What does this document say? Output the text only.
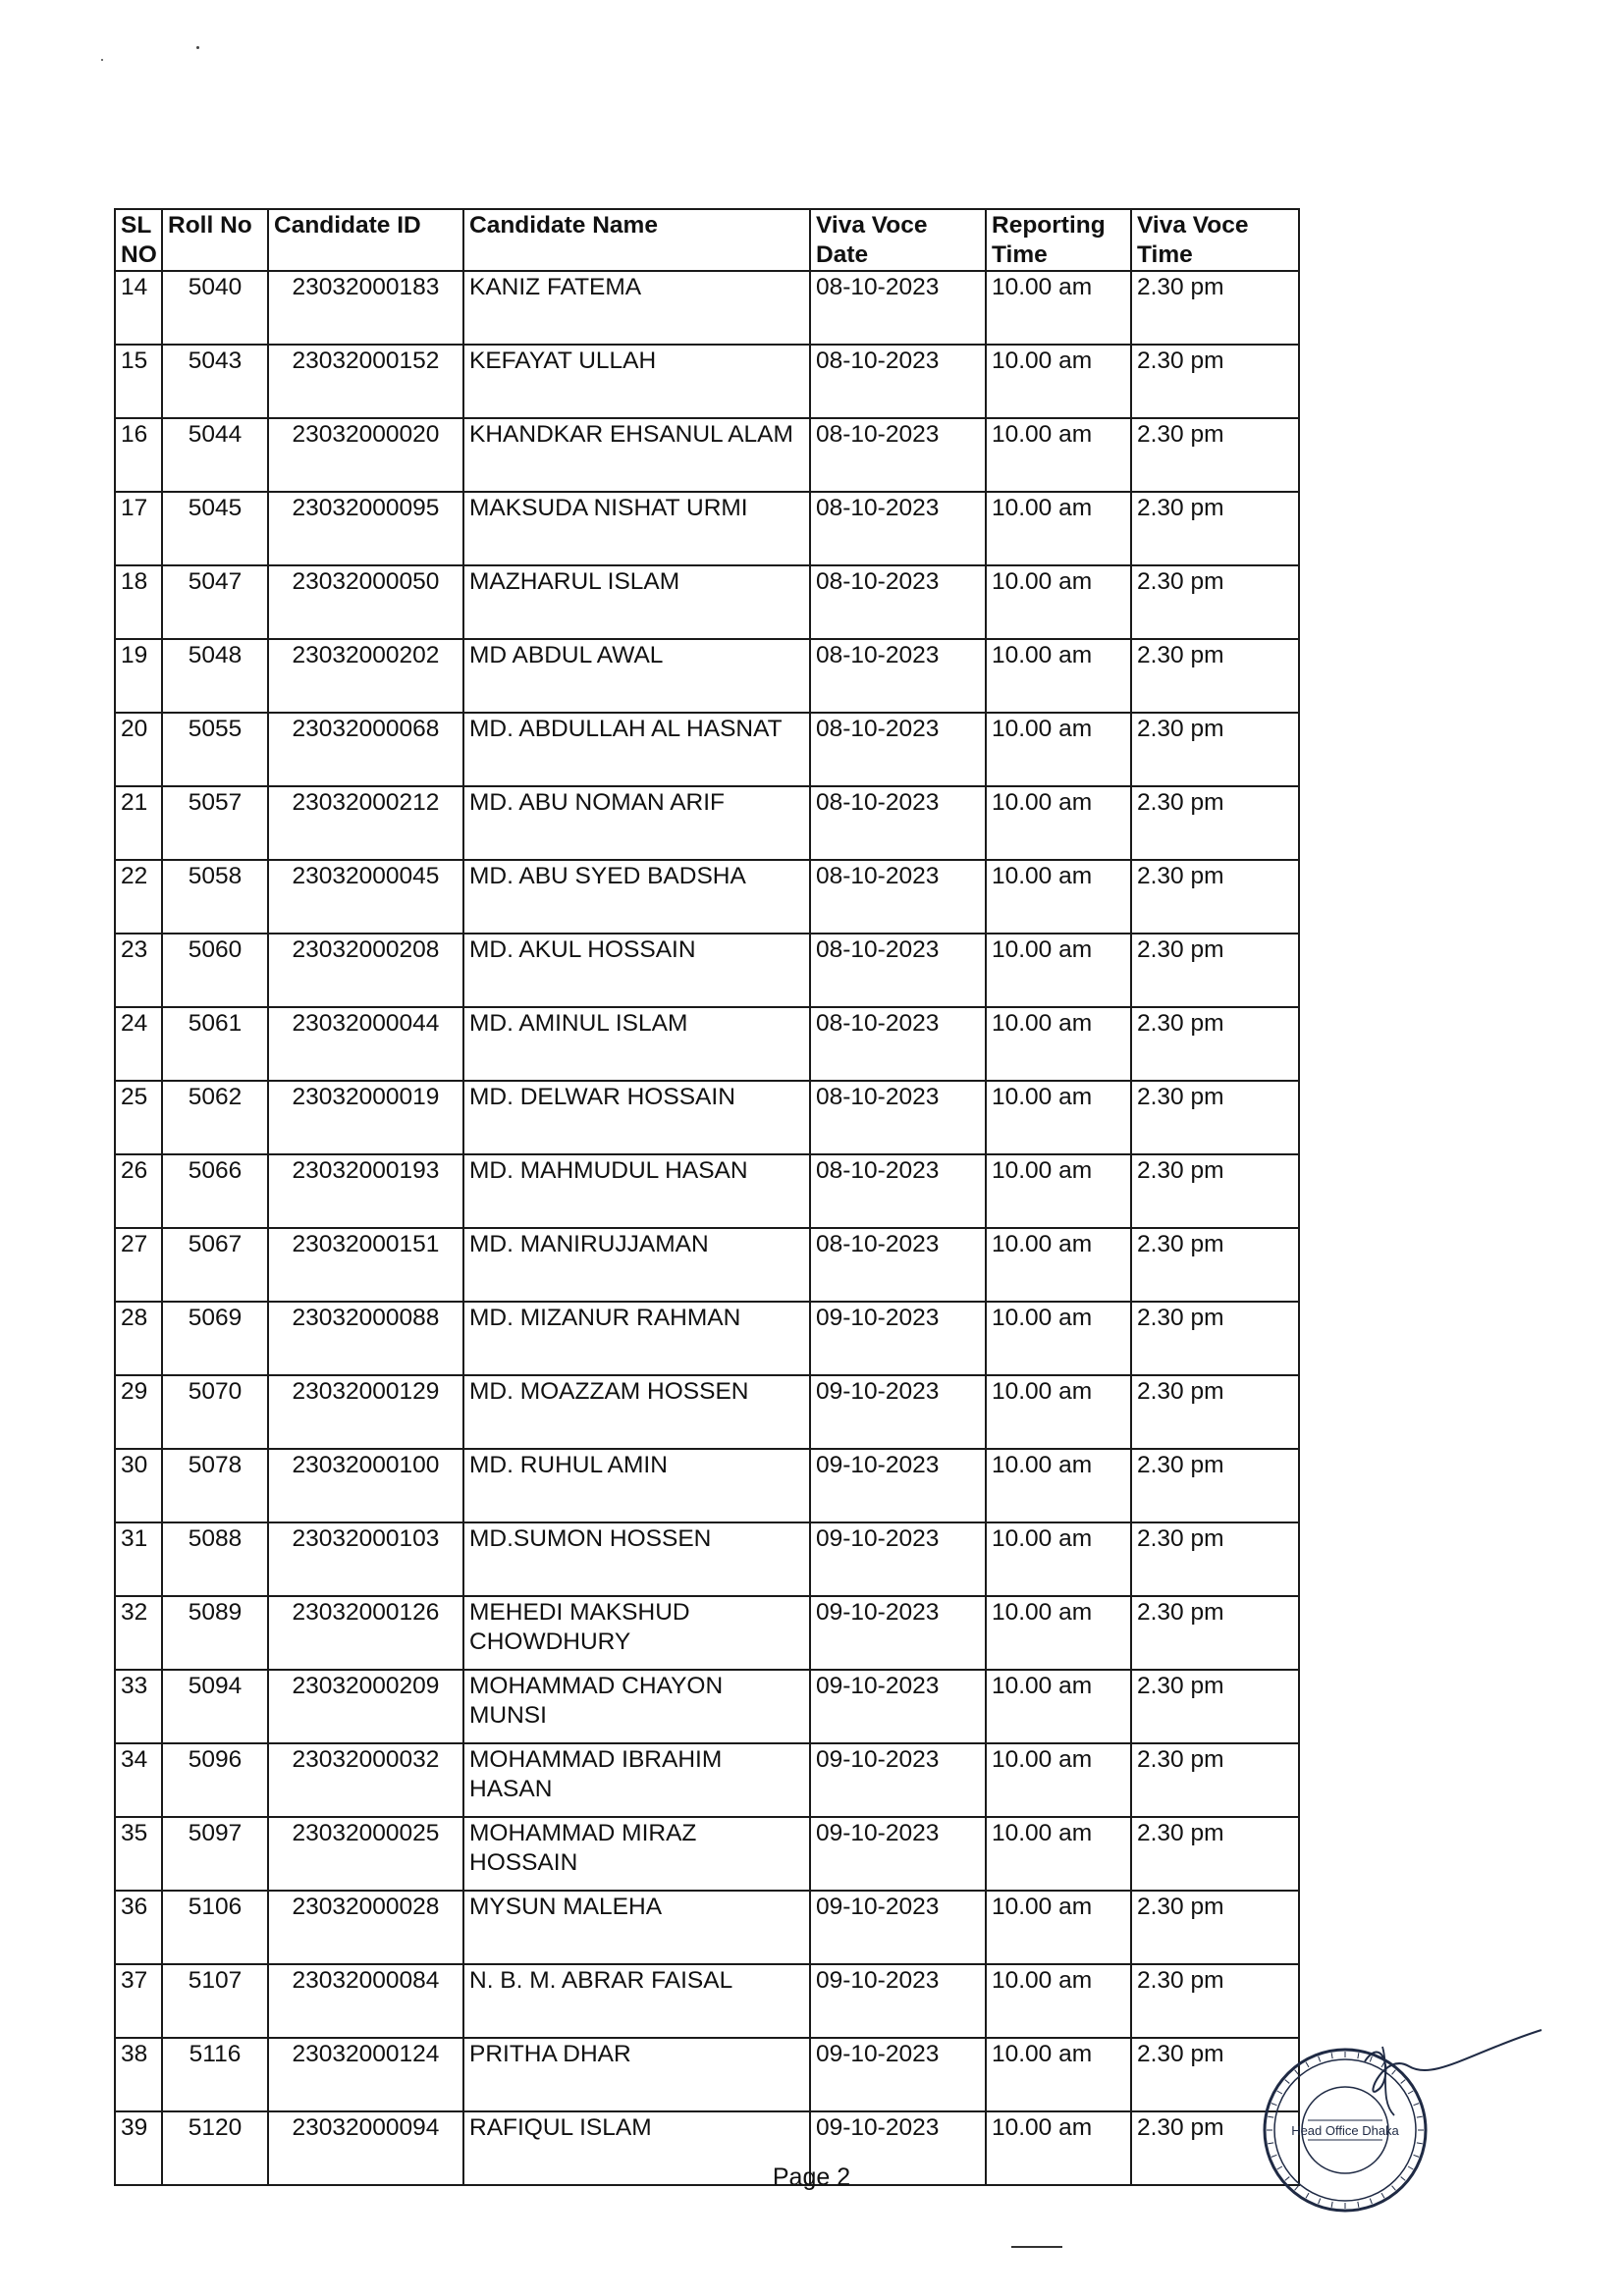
SL NO	Roll No	Candidate ID	Candidate Name	Viva Voce Date	Reporting Time	Viva Voce Time
14	5040	23032000183	KANIZ FATEMA	08-10-2023	10.00 am	2.30 pm
15	5043	23032000152	KEFAYAT ULLAH	08-10-2023	10.00 am	2.30 pm
16	5044	23032000020	KHANDKAR EHSANUL ALAM	08-10-2023	10.00 am	2.30 pm
17	5045	23032000095	MAKSUDA NISHAT URMI	08-10-2023	10.00 am	2.30 pm
18	5047	23032000050	MAZHARUL ISLAM	08-10-2023	10.00 am	2.30 pm
19	5048	23032000202	MD ABDUL AWAL	08-10-2023	10.00 am	2.30 pm
20	5055	23032000068	MD. ABDULLAH AL HASNAT	08-10-2023	10.00 am	2.30 pm
21	5057	23032000212	MD. ABU NOMAN ARIF	08-10-2023	10.00 am	2.30 pm
22	5058	23032000045	MD. ABU SYED BADSHA	08-10-2023	10.00 am	2.30 pm
23	5060	23032000208	MD. AKUL HOSSAIN	08-10-2023	10.00 am	2.30 pm
24	5061	23032000044	MD. AMINUL ISLAM	08-10-2023	10.00 am	2.30 pm
25	5062	23032000019	MD. DELWAR HOSSAIN	08-10-2023	10.00 am	2.30 pm
26	5066	23032000193	MD. MAHMUDUL HASAN	08-10-2023	10.00 am	2.30 pm
27	5067	23032000151	MD. MANIRUJJAMAN	08-10-2023	10.00 am	2.30 pm
28	5069	23032000088	MD. MIZANUR RAHMAN	09-10-2023	10.00 am	2.30 pm
29	5070	23032000129	MD. MOAZZAM HOSSEN	09-10-2023	10.00 am	2.30 pm
30	5078	23032000100	MD. RUHUL AMIN	09-10-2023	10.00 am	2.30 pm
31	5088	23032000103	MD.SUMON HOSSEN	09-10-2023	10.00 am	2.30 pm
32	5089	23032000126	MEHEDI MAKSHUD CHOWDHURY	09-10-2023	10.00 am	2.30 pm
33	5094	23032000209	MOHAMMAD CHAYON MUNSI	09-10-2023	10.00 am	2.30 pm
34	5096	23032000032	MOHAMMAD IBRAHIM HASAN	09-10-2023	10.00 am	2.30 pm
35	5097	23032000025	MOHAMMAD MIRAZ HOSSAIN	09-10-2023	10.00 am	2.30 pm
36	5106	23032000028	MYSUN MALEHA	09-10-2023	10.00 am	2.30 pm
37	5107	23032000084	N. B. M. ABRAR FAISAL	09-10-2023	10.00 am	2.30 pm
38	5116	23032000124	PRITHA DHAR	09-10-2023	10.00 am	2.30 pm
39	5120	23032000094	RAFIQUL ISLAM	09-10-2023	10.00 am	2.30 pm
Page 2
Head Office Dhaka
